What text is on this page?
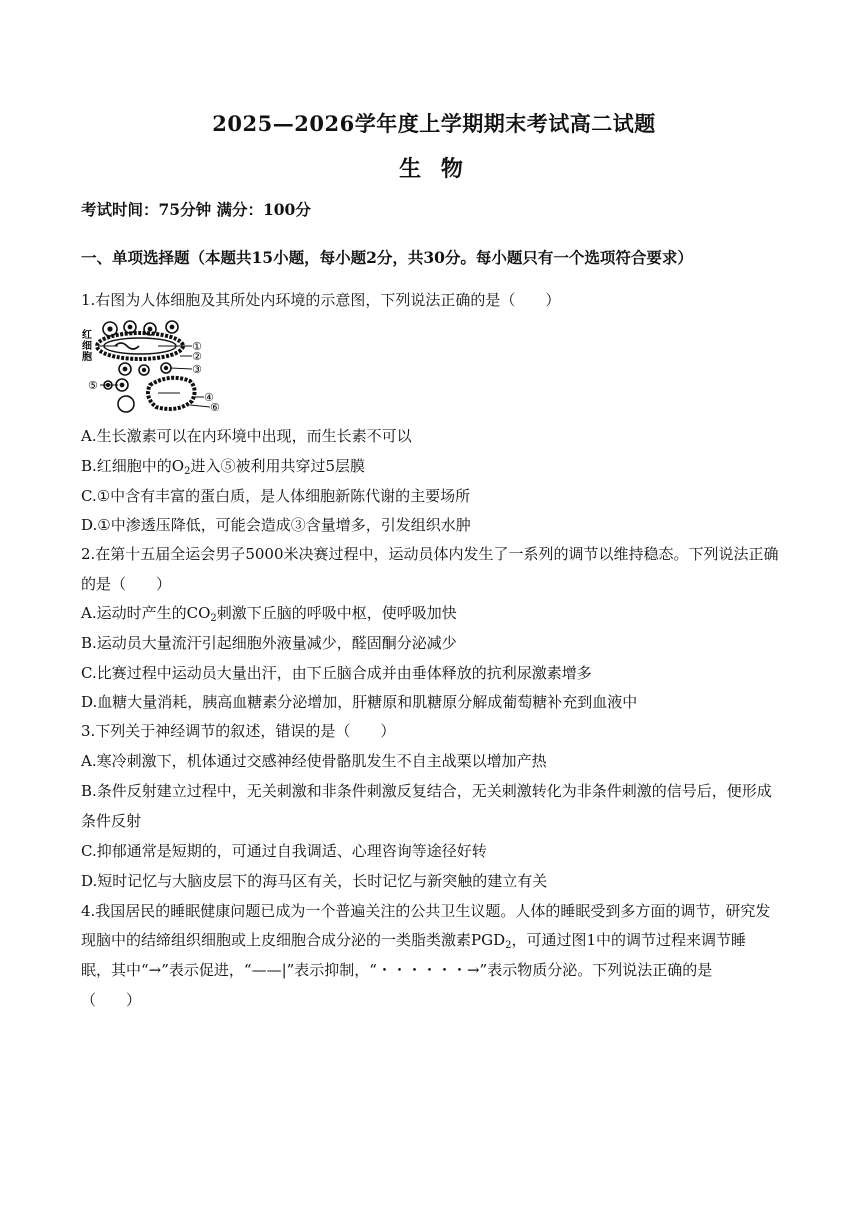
2025—2026学年度上学期期末考试高二试题
生 物
考试时间：75分钟 满分：100分
一、单项选择题（本题共15小题，每小题2分，共30分。每小题只有一个选项符合要求）
1.右图为人体细胞及其所处内环境的示意图，下列说法正确的是（　　）
红
细
胞
①
②
③
⑤
④
⑥
A.生长激素可以在内环境中出现，而生长素不可以
B.红细胞中的$O_2$进入⑤被利用共穿过5层膜
C.①中含有丰富的蛋白质，是人体细胞新陈代谢的主要场所
D.①中渗透压降低，可能会造成③含量增多，引发组织水肿
2.在第十五届全运会男子5000米决赛过程中，运动员体内发生了一系列的调节以维持稳态。下列说法正确
的是（　　）
A.运动时产生的$CO_2$刺激下丘脑的呼吸中枢，使呼吸加快
B.运动员大量流汗引起细胞外液量减少，醛固酮分泌减少
C.比赛过程中运动员大量出汗，由下丘脑合成并由垂体释放的抗利尿激素增多
D.血糖大量消耗，胰高血糖素分泌增加，肝糖原和肌糖原分解成葡萄糖补充到血液中
3.下列关于神经调节的叙述，错误的是（　　）
A.寒冷刺激下，机体通过交感神经使骨骼肌发生不自主战栗以增加产热
B.条件反射建立过程中，无关刺激和非条件刺激反复结合，无关刺激转化为非条件刺激的信号后，便形成
条件反射
C.抑郁通常是短期的，可通过自我调适、心理咨询等途径好转
D.短时记忆与大脑皮层下的海马区有关，长时记忆与新突触的建立有关
4.我国居民的睡眠健康问题已成为一个普遍关注的公共卫生议题。人体的睡眠受到多方面的调节，研究发
现脑中的结缔组织细胞或上皮细胞合成分泌的一类脂类激素$PGD_2$，可通过图1中的调节过程来调节睡
眠，其中“→”表示促进，“——|”表示抑制，“・・・・・・→”表示物质分泌。下列说法正确的是
（　　）
